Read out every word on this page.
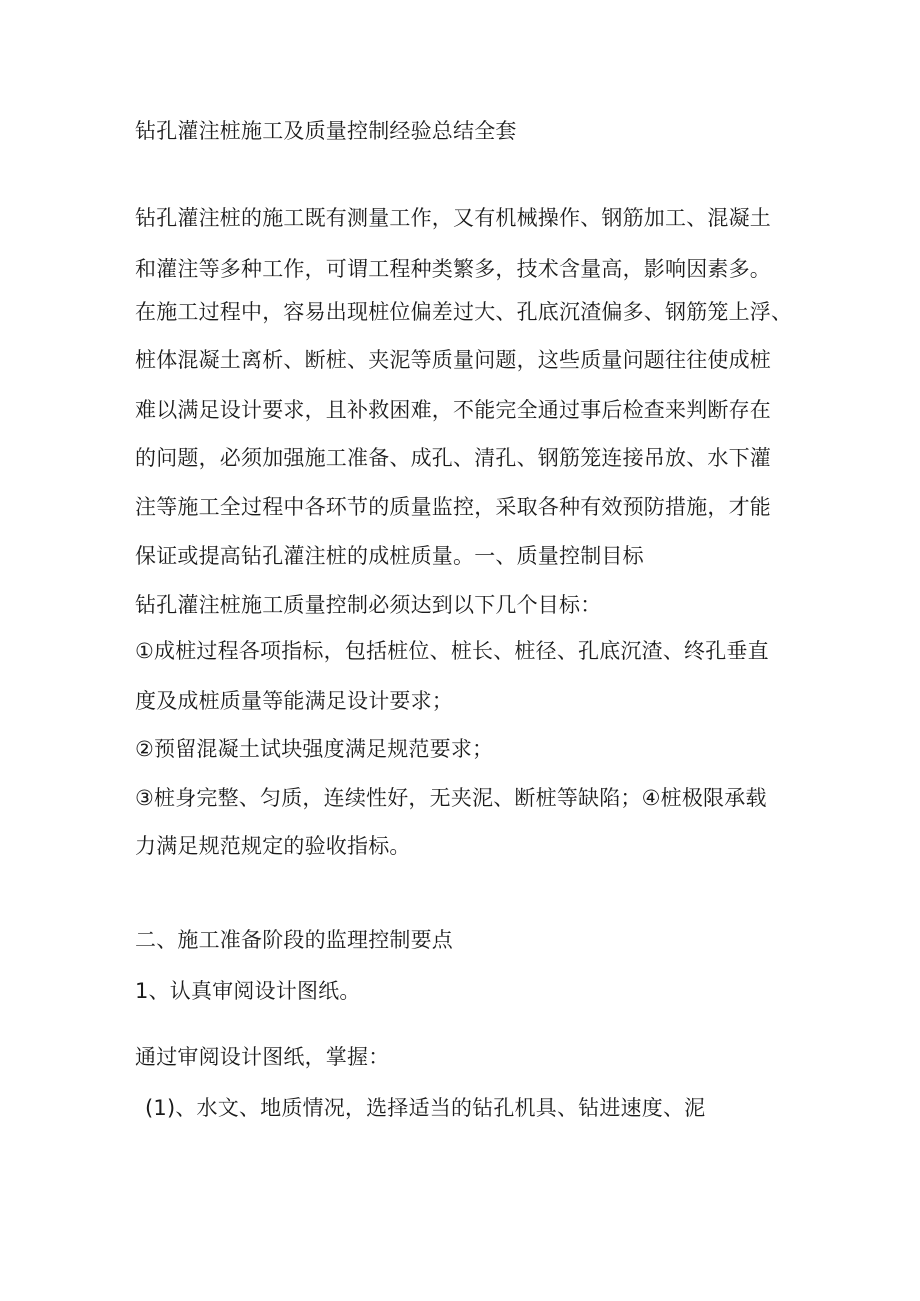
钻孔灌注桩施工及质量控制经验总结全套
钻孔灌注桩的施工既有测量工作，又有机械操作、钢筋加工、混凝土
和灌注等多种工作，可谓工程种类繁多，技术含量高，影响因素多。
在施工过程中，容易出现桩位偏差过大、孔底沉渣偏多、钢筋笼上浮、
桩体混凝土离析、断桩、夹泥等质量问题，这些质量问题往往使成桩
难以满足设计要求，且补救困难，不能完全通过事后检查来判断存在
的问题，必须加强施工准备、成孔、清孔、钢筋笼连接吊放、水下灌
注等施工全过程中各环节的质量监控，采取各种有效预防措施，才能
保证或提高钻孔灌注桩的成桩质量。一、质量控制目标
钻孔灌注桩施工质量控制必须达到以下几个目标：
①成桩过程各项指标，包括桩位、桩长、桩径、孔底沉渣、终孔垂直
度及成桩质量等能满足设计要求；
②预留混凝土试块强度满足规范要求；
③桩身完整、匀质，连续性好，无夹泥、断桩等缺陷；④桩极限承载
力满足规范规定的验收指标。
二、施工准备阶段的监理控制要点
1、认真审阅设计图纸。
通过审阅设计图纸，掌握：
(1)、水文、地质情况，选择适当的钻孔机具、钻进速度、泥
